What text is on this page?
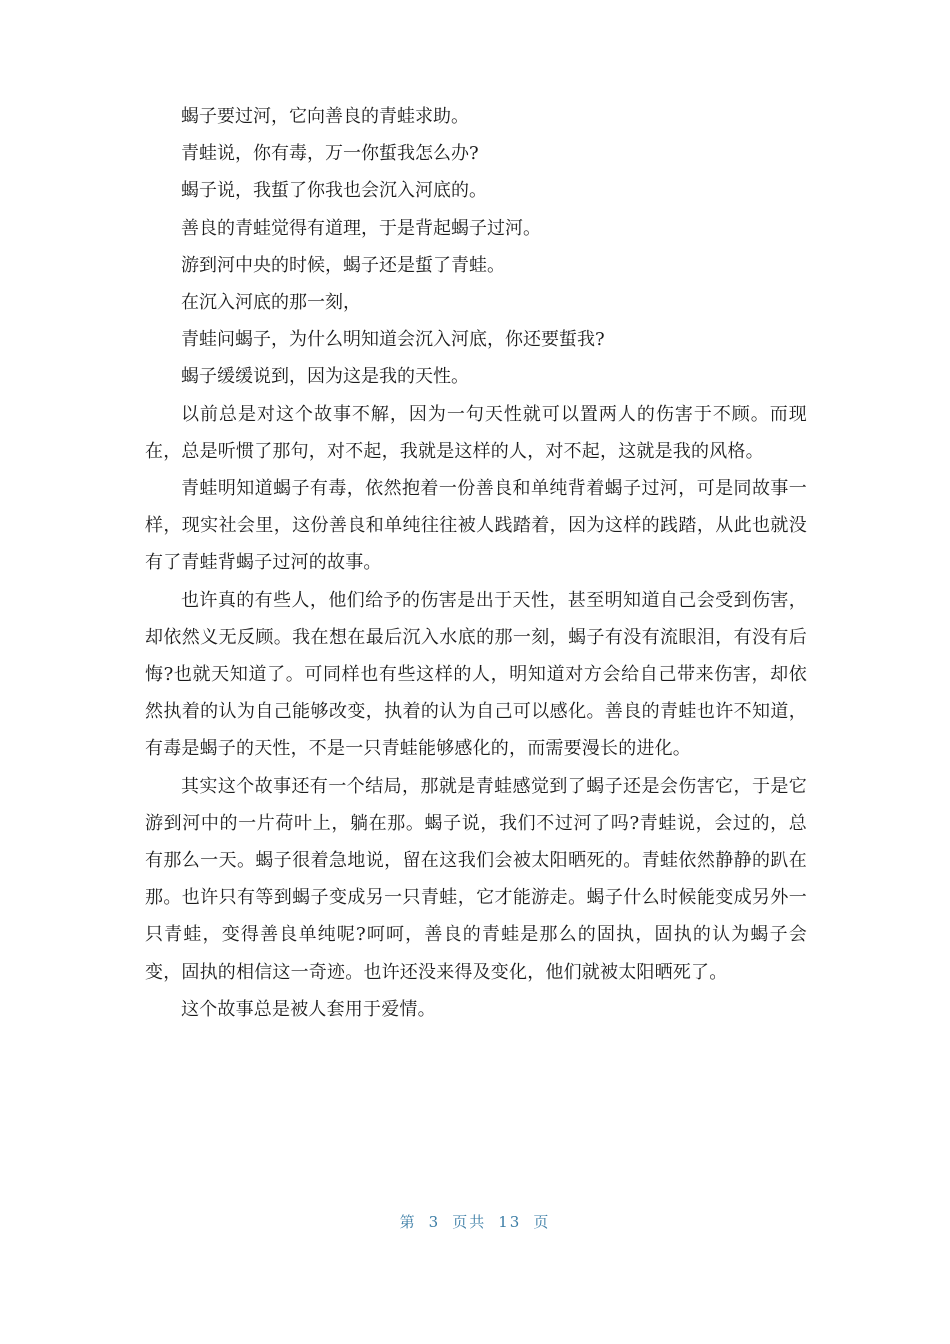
蝎子要过河，它向善良的青蛙求助。

青蛙说，你有毒，万一你蜇我怎么办?

蝎子说，我蜇了你我也会沉入河底的。

善良的青蛙觉得有道理，于是背起蝎子过河。

游到河中央的时候，蝎子还是蜇了青蛙。

在沉入河底的那一刻，

青蛙问蝎子，为什么明知道会沉入河底，你还要蜇我?

蝎子缓缓说到，因为这是我的天性。

以前总是对这个故事不解，因为一句天性就可以置两人的伤害于不顾。而现在，总是听惯了那句，对不起，我就是这样的人，对不起，这就是我的风格。

青蛙明知道蝎子有毒，依然抱着一份善良和单纯背着蝎子过河，可是同故事一样，现实社会里，这份善良和单纯往往被人践踏着，因为这样的践踏，从此也就没有了青蛙背蝎子过河的故事。

也许真的有些人，他们给予的伤害是出于天性，甚至明知道自己会受到伤害，却依然义无反顾。我在想在最后沉入水底的那一刻，蝎子有没有流眼泪，有没有后悔?也就天知道了。可同样也有些这样的人，明知道对方会给自己带来伤害，却依然执着的认为自己能够改变，执着的认为自己可以感化。善良的青蛙也许不知道，有毒是蝎子的天性，不是一只青蛙能够感化的，而需要漫长的进化。

其实这个故事还有一个结局，那就是青蛙感觉到了蝎子还是会伤害它，于是它游到河中的一片荷叶上，躺在那。蝎子说，我们不过河了吗?青蛙说，会过的，总有那么一天。蝎子很着急地说，留在这我们会被太阳晒死的。青蛙依然静静的趴在那。也许只有等到蝎子变成另一只青蛙，它才能游走。蝎子什么时候能变成另外一只青蛙，变得善良单纯呢?呵呵，善良的青蛙是那么的固执，固执的认为蝎子会变，固执的相信这一奇迹。也许还没来得及变化，他们就被太阳晒死了。

这个故事总是被人套用于爱情。

第 3 页共 13 页
